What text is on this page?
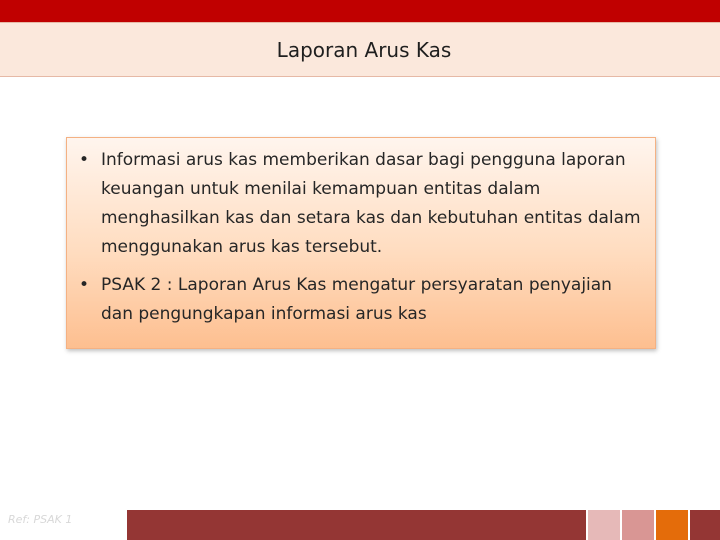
Laporan Arus Kas
• Informasi arus kas memberikan dasar bagi pengguna laporan keuangan untuk menilai kemampuan entitas dalam menghasilkan kas dan setara kas dan kebutuhan entitas dalam menggunakan arus kas tersebut.
• PSAK 2 : Laporan Arus Kas mengatur persyaratan penyajian dan pengungkapan informasi arus kas
Ref: PSAK 1
